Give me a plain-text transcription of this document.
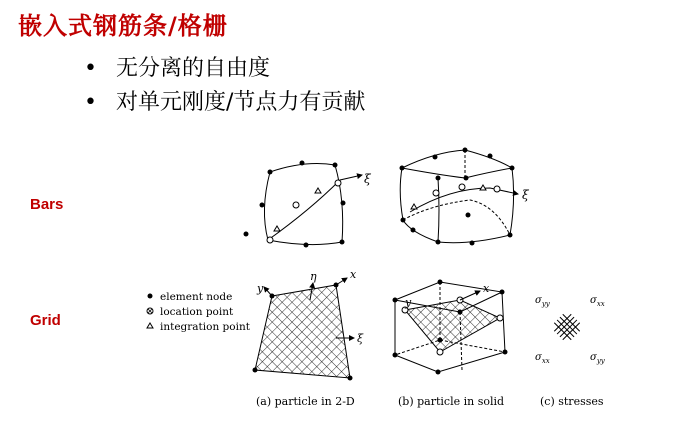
嵌入式钢筋条/格栅
• 无分离的自由度
• 对单元刚度/节点力有贡献
Bars
Grid
ξ
ξ
element node
location point
integration point
y
η	x
ξ
y
x
$\sigma_{yy}$	$\sigma_{xx}$
$\sigma_{xx}$	$\sigma_{yy}$
(a) particle in 2-D	(b) particle in solid	(c) stresses
